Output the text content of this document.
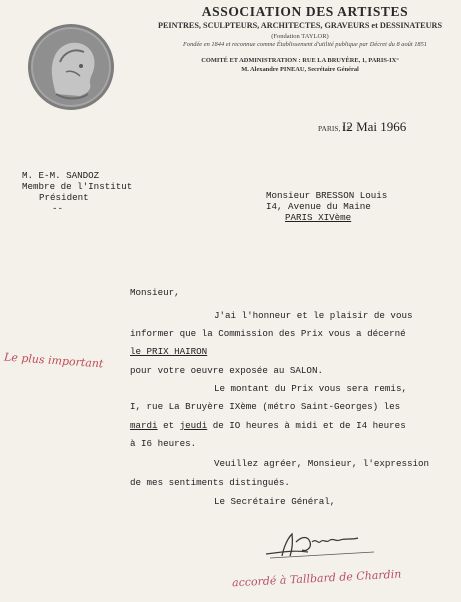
ASSOCIATION DES ARTISTES
PEINTRES, SCULPTEURS, ARCHITECTES, GRAVEURS et DESSINATEURS
(Fondation TAYLOR)
Fondée en 1844 et reconnue comme Établissement d'utilité publique par Décret du 8 août 1851
COMITÉ ET ADMINISTRATION : RUE LA BRUYÈRE, 1, PARIS-IX°
M. Alexandre PINEAU, Secrétaire Général
PARIS, LE
I2 Mai 1966
M. E-M. SANDOZ
Membre de l'Institut
Président
--
Monsieur BRESSON Louis
I4, Avenue du Maine
PARIS XIVème
Monsieur,
J'ai l'honneur et le plaisir de vous
informer que la Commission des Prix vous a décerné
le PRIX HAIRON
pour votre oeuvre exposée au SALON.
Le montant du Prix vous sera remis,
I, rue La Bruyère IXème (métro Saint-Georges) les
mardi et jeudi de IO heures à midi et de I4 heures
à I6 heures.
Veuillez agréer, Monsieur, l'expression
de mes sentiments distingués.
Le Secrétaire Général,
Le plus important
accordé à Tallbard de Chardin
